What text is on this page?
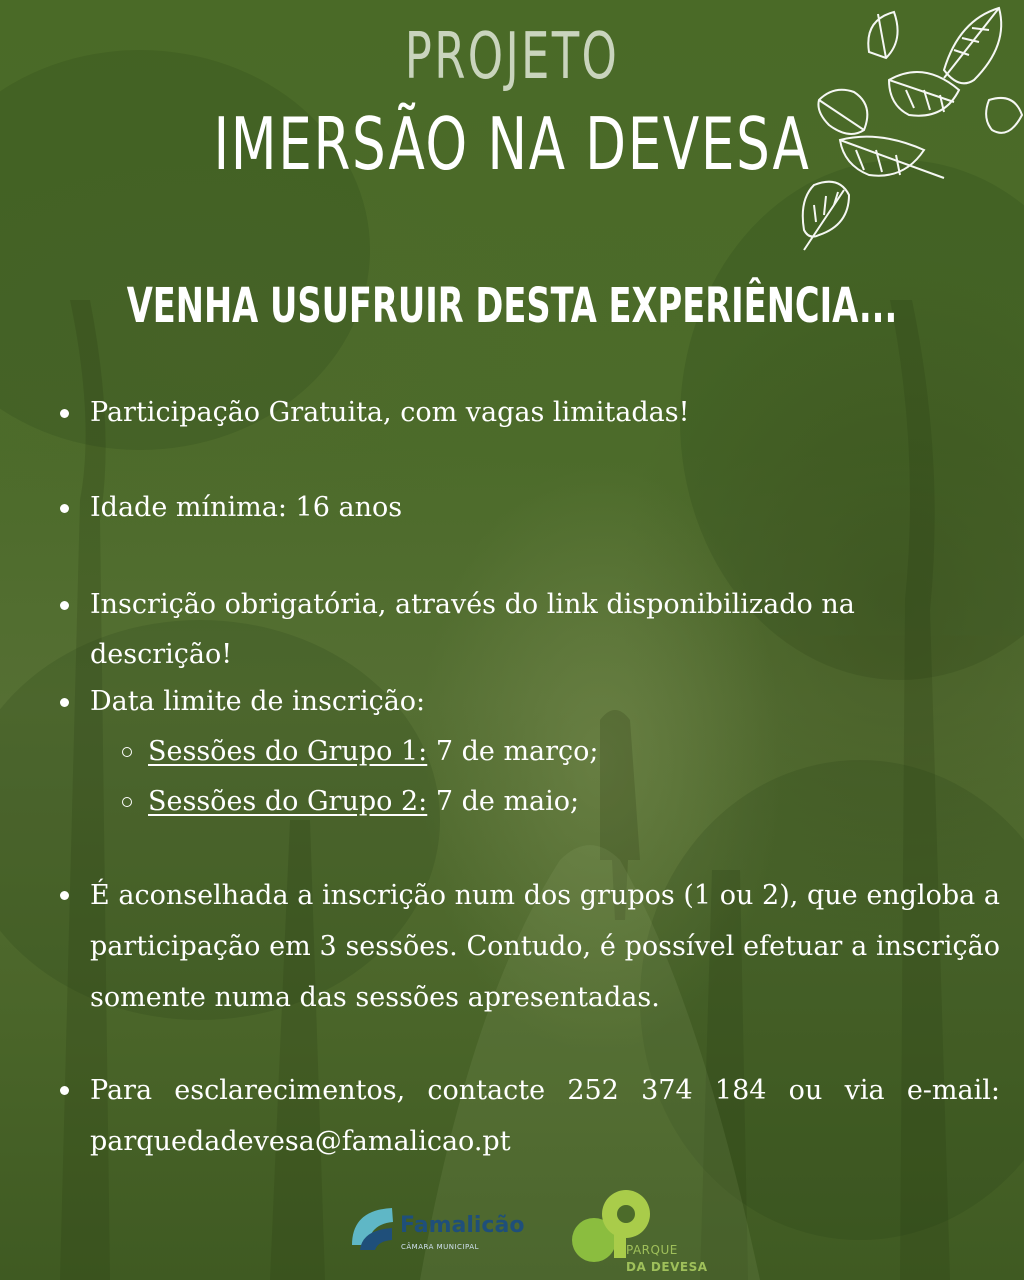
PROJETO
IMERSÃO NA DEVESA
VENHA USUFRUIR DESTA EXPERIÊNCIA...
Participação Gratuita, com vagas limitadas!
Idade mínima: 16 anos
Inscrição obrigatória, através do link disponibilizado na descrição!
Data limite de inscrição:
Sessões do Grupo 1: 7 de março;
Sessões do Grupo 2: 7 de maio;
É aconselhada a inscrição num dos grupos (1 ou 2), que engloba a participação em 3 sessões. Contudo, é possível efetuar a inscrição somente numa das sessões apresentadas.
Para esclarecimentos, contacte 252 374 184 ou via e-mail: parquedadevesa@famalicao.pt
Famalicão
CÂMARA MUNICIPAL	PARQUE
DA DEVESA
